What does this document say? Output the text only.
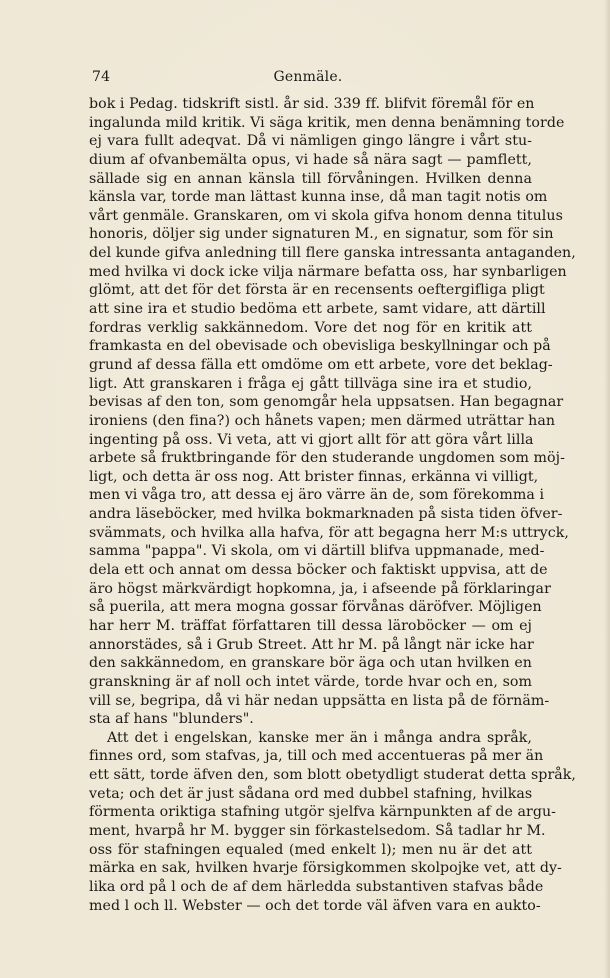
74	Genmäle.
bok i Pedag. tidskrift sistl. år sid. 339 ff. blifvit föremål för en
ingalunda mild kritik. Vi säga kritik, men denna benämning torde
ej vara fullt adeqvat. Då vi nämligen gingo längre i vårt stu-
dium af ofvanbemälta opus, vi hade så nära sagt — pamflett,
sällade sig en annan känsla till förvåningen. Hvilken denna
känsla var, torde man lättast kunna inse, då man tagit notis om
vårt genmäle. Granskaren, om vi skola gifva honom denna titulus
honoris, döljer sig under signaturen M., en signatur, som för sin
del kunde gifva anledning till flere ganska intressanta antaganden,
med hvilka vi dock icke vilja närmare befatta oss, har synbarligen
glömt, att det för det första är en recensents oeftergifliga pligt
att sine ira et studio bedöma ett arbete, samt vidare, att därtill
fordras verklig sakkännedom. Vore det nog för en kritik att
framkasta en del obevisade och obevisliga beskyllningar och på
grund af dessa fälla ett omdöme om ett arbete, vore det beklag-
ligt. Att granskaren i fråga ej gått tillväga sine ira et studio,
bevisas af den ton, som genomgår hela uppsatsen. Han begagnar
ironiens (den fina?) och hånets vapen; men därmed uträttar han
ingenting på oss. Vi veta, att vi gjort allt för att göra vårt lilla
arbete så fruktbringande för den studerande ungdomen som möj-
ligt, och detta är oss nog. Att brister finnas, erkänna vi villigt,
men vi våga tro, att dessa ej äro värre än de, som förekomma i
andra läseböcker, med hvilka bokmarknaden på sista tiden öfver-
svämmats, och hvilka alla hafva, för att begagna herr M:s uttryck,
samma "pappa". Vi skola, om vi därtill blifva uppmanade, med-
dela ett och annat om dessa böcker och faktiskt uppvisa, att de
äro högst märkvärdigt hopkomna, ja, i afseende på förklaringar
så puerila, att mera mogna gossar förvånas däröfver. Möjligen
har herr M. träffat författaren till dessa läroböcker — om ej
annorstädes, så i Grub Street. Att hr M. på långt när icke har
den sakkännedom, en granskare bör äga och utan hvilken en
granskning är af noll och intet värde, torde hvar och en, som
vill se, begripa, då vi här nedan uppsätta en lista på de förnäm-
sta af hans "blunders".
Att det i engelskan, kanske mer än i många andra språk,
finnes ord, som stafvas, ja, till och med accentueras på mer än
ett sätt, torde äfven den, som blott obetydligt studerat detta språk,
veta; och det är just sådana ord med dubbel stafning, hvilkas
förmenta oriktiga stafning utgör sjelfva kärnpunkten af de argu-
ment, hvarpå hr M. bygger sin förkastelsedom. Så tadlar hr M.
oss för stafningen equaled (med enkelt l); men nu är det att
märka en sak, hvilken hvarje försigkommen skolpojke vet, att dy-
lika ord på l och de af dem härledda substantiven stafvas både
med l och ll. Webster — och det torde väl äfven vara en aukto-
